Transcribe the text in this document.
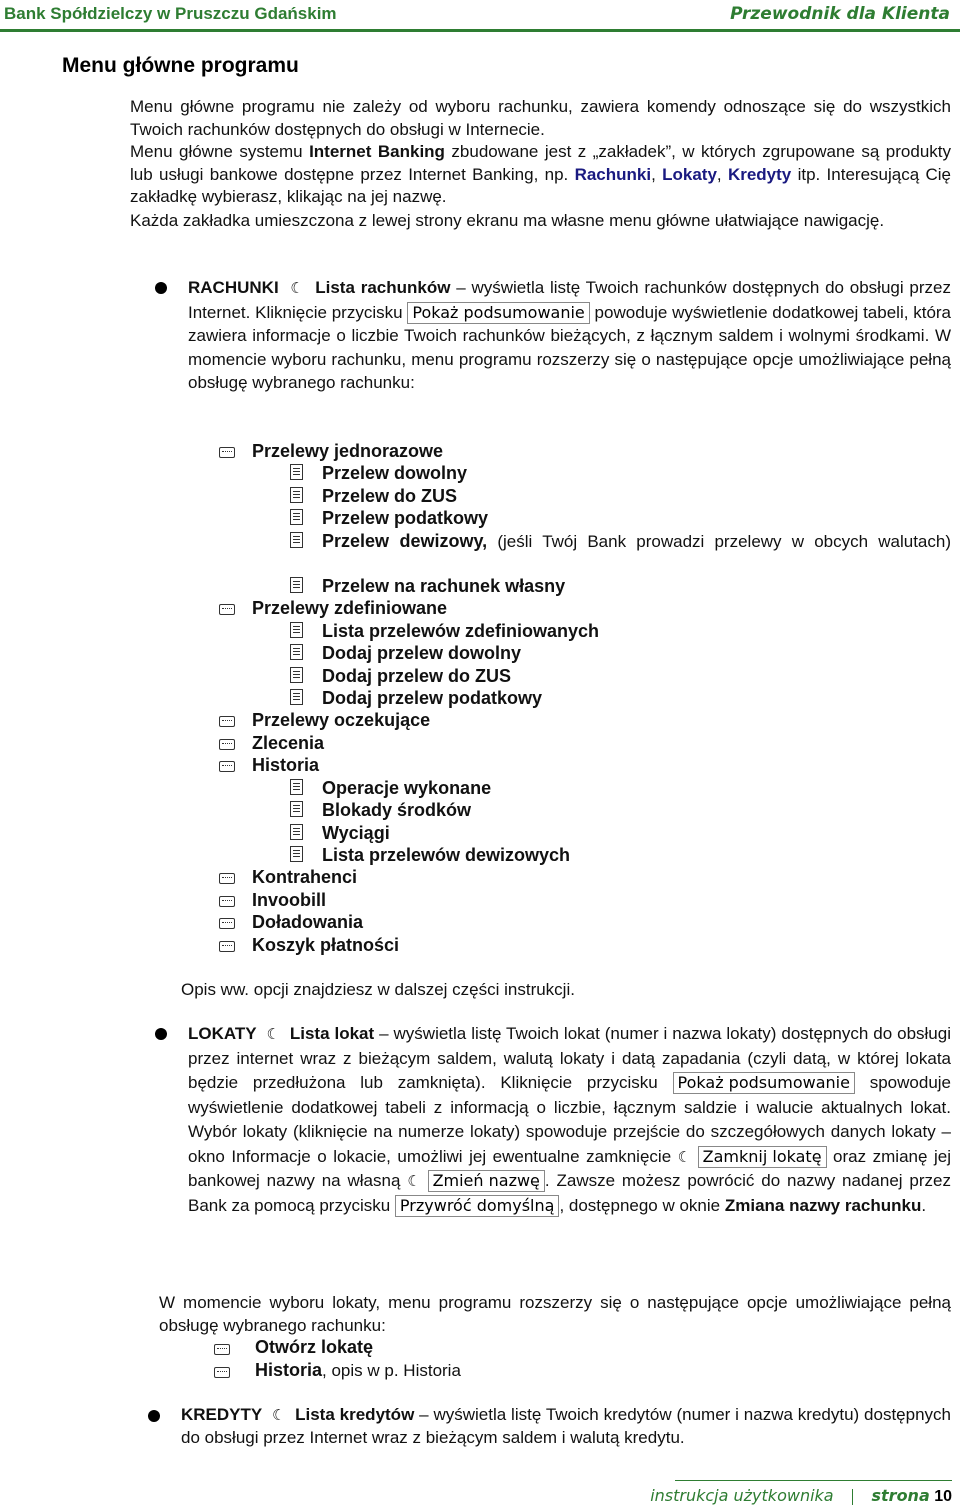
Bank Spółdzielczy w Pruszczu Gdańskim	Przewodnik dla Klienta
Menu główne programu
Menu główne programu nie zależy od wyboru rachunku, zawiera komendy odnoszące się do wszystkich Twoich rachunków dostępnych do obsługi w Internecie.
Menu główne systemu Internet Banking zbudowane jest z „zakładek”, w których zgrupowane są produkty lub usługi bankowe dostępne przez Internet Banking, np. Rachunki, Lokaty, Kredyty itp. Interesującą Cię zakładkę wybierasz, klikając na jej nazwę.
Każda zakładka umieszczona z lewej strony ekranu ma własne menu główne ułatwiające nawigację.
RACHUNKI ☾ Lista rachunków – wyświetla listę Twoich rachunków dostępnych do obsługi przez Internet. Kliknięcie przycisku Pokaż podsumowanie powoduje wyświetlenie dodatkowej tabeli, która zawiera informacje o liczbie Twoich rachunków bieżących, z łącznym saldem i wolnymi środkami. W momencie wyboru rachunku, menu programu rozszerzy się o następujące opcje umożliwiające pełną obsługę wybranego rachunku:
Przelewy jednorazowe
Przelew dowolny
Przelew do ZUS
Przelew podatkowy
Przelew dewizowy, (jeśli Twój Bank prowadzi przelewy w obcych walutach)
Przelew na rachunek własny
Przelewy zdefiniowane
Lista przelewów zdefiniowanych
Dodaj przelew dowolny
Dodaj przelew do ZUS
Dodaj przelew podatkowy
Przelewy oczekujące
Zlecenia
Historia
Operacje wykonane
Blokady środków
Wyciągi
Lista przelewów dewizowych
Kontrahenci
Invoobill
Doładowania
Koszyk płatności
Opis ww. opcji znajdziesz w dalszej części instrukcji.
LOKATY ☾ Lista lokat – wyświetla listę Twoich lokat (numer i nazwa lokaty) dostępnych do obsługi przez internet wraz z bieżącym saldem, walutą lokaty i datą zapadania (czyli datą, w której lokata będzie przedłużona lub zamknięta). Kliknięcie przycisku Pokaż podsumowanie spowoduje wyświetlenie dodatkowej tabeli z informacją o liczbie, łącznym saldzie i walucie aktualnych lokat. Wybór lokaty (kliknięcie na numerze lokaty) spowoduje przejście do szczegółowych danych lokaty – okno Informacje o lokacie, umożliwi jej ewentualne zamknięcie ☾ Zamknij lokatę oraz zmianę jej bankowej nazwy na własną ☾ Zmień nazwę . Zawsze możesz powrócić do nazwy nadanej przez Bank za pomocą przycisku Przywróć domyślną , dostępnego w oknie Zmiana nazwy rachunku.
W momencie wyboru lokaty, menu programu rozszerzy się o następujące opcje umożliwiające pełną obsługę wybranego rachunku:
Otwórz lokatę
Historia, opis w p. Historia
KREDYTY ☾ Lista kredytów – wyświetla listę Twoich kredytów (numer i nazwa kredytu) dostępnych do obsługi przez Internet wraz z bieżącym saldem i walutą kredytu.
instrukcja użytkownika strona 10
